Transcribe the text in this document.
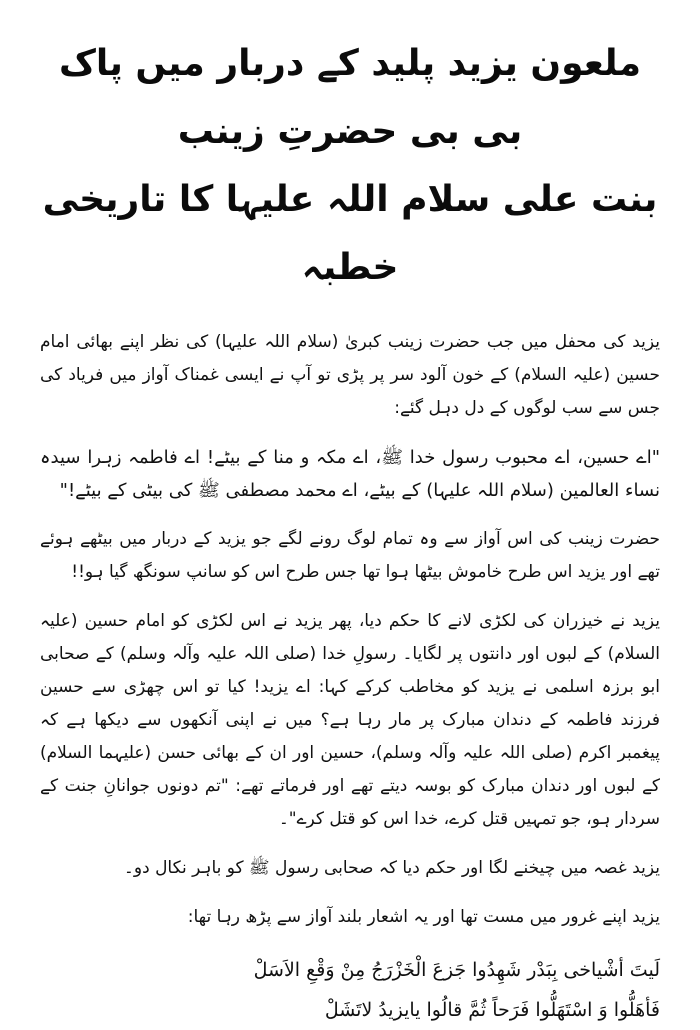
ملعون یزید پلید کے دربار میں پاک بی بی حضرتِ زینب
بنت علی سلام اللہ علیہا کا تاریخی خطبہ

یزید کی محفل میں جب حضرت زینب کبریٰ (سلام اللہ علیہا) کی نظر اپنے بھائی امام حسین (علیہ السلام) کے خون آلود سر پر پڑی تو آپ نے ایسی غمناک آواز میں فریاد کی جس سے سب لوگوں کے دل دہل گئے:

"اے حسین، اے محبوب رسول خدا ﷺ، اے مکہ و منا کے بیٹے! اے فاطمہ زہرا سیدہ نساء العالمین (سلام اللہ علیہا) کے بیٹے، اے محمد مصطفی ﷺ کی بیٹی کے بیٹے!"

حضرت زینب کی اس آواز سے وہ تمام لوگ رونے لگے جو یزید کے دربار میں بیٹھے ہوئے تھے اور یزید اس طرح خاموش بیٹھا ہوا تھا جس طرح اس کو سانپ سونگھ گیا ہو!!

یزید نے خیزران کی لکڑی لانے کا حکم دیا، پھر یزید نے اس لکڑی کو امام حسین (علیہ السلام) کے لبوں اور دانتوں پر لگایا۔ رسولِ خدا (صلی اللہ علیہ وآلہ وسلم) کے صحابی ابو برزہ اسلمی نے یزید کو مخاطب کرکے کہا: اے یزید! کیا تو اس چھڑی سے حسین فرزند فاطمہ کے دندان مبارک پر مار رہا ہے؟ میں نے اپنی آنکھوں سے دیکھا ہے کہ پیغمبر اکرم (صلی اللہ علیہ وآلہ وسلم)، حسین اور ان کے بھائی حسن (علیہما السلام) کے لبوں اور دندان مبارک کو بوسہ دیتے تھے اور فرماتے تھے: "تم دونوں جوانانِ جنت کے سردار ہو، جو تمہیں قتل کرے، خدا اس کو قتل کرے"۔

یزید غصہ میں چیخنے لگا اور حکم دیا کہ صحابی رسول ﷺ کو باہر نکال دو۔

یزید اپنے غرور میں مست تھا اور یہ اشعار بلند آواز سے پڑھ رہا تھا:

لَيتَ أشْياخی بِبَدْر شَهِدُوا جَزعَ الْخَزْرَجُ مِنْ وَقْعِ الاَسَلْ
فَأهَلُّوا وَ اسْتَهَلُّوا فَرَحاً ثُمَّ قالُوا يايزيدُ لاتَشَلْ
